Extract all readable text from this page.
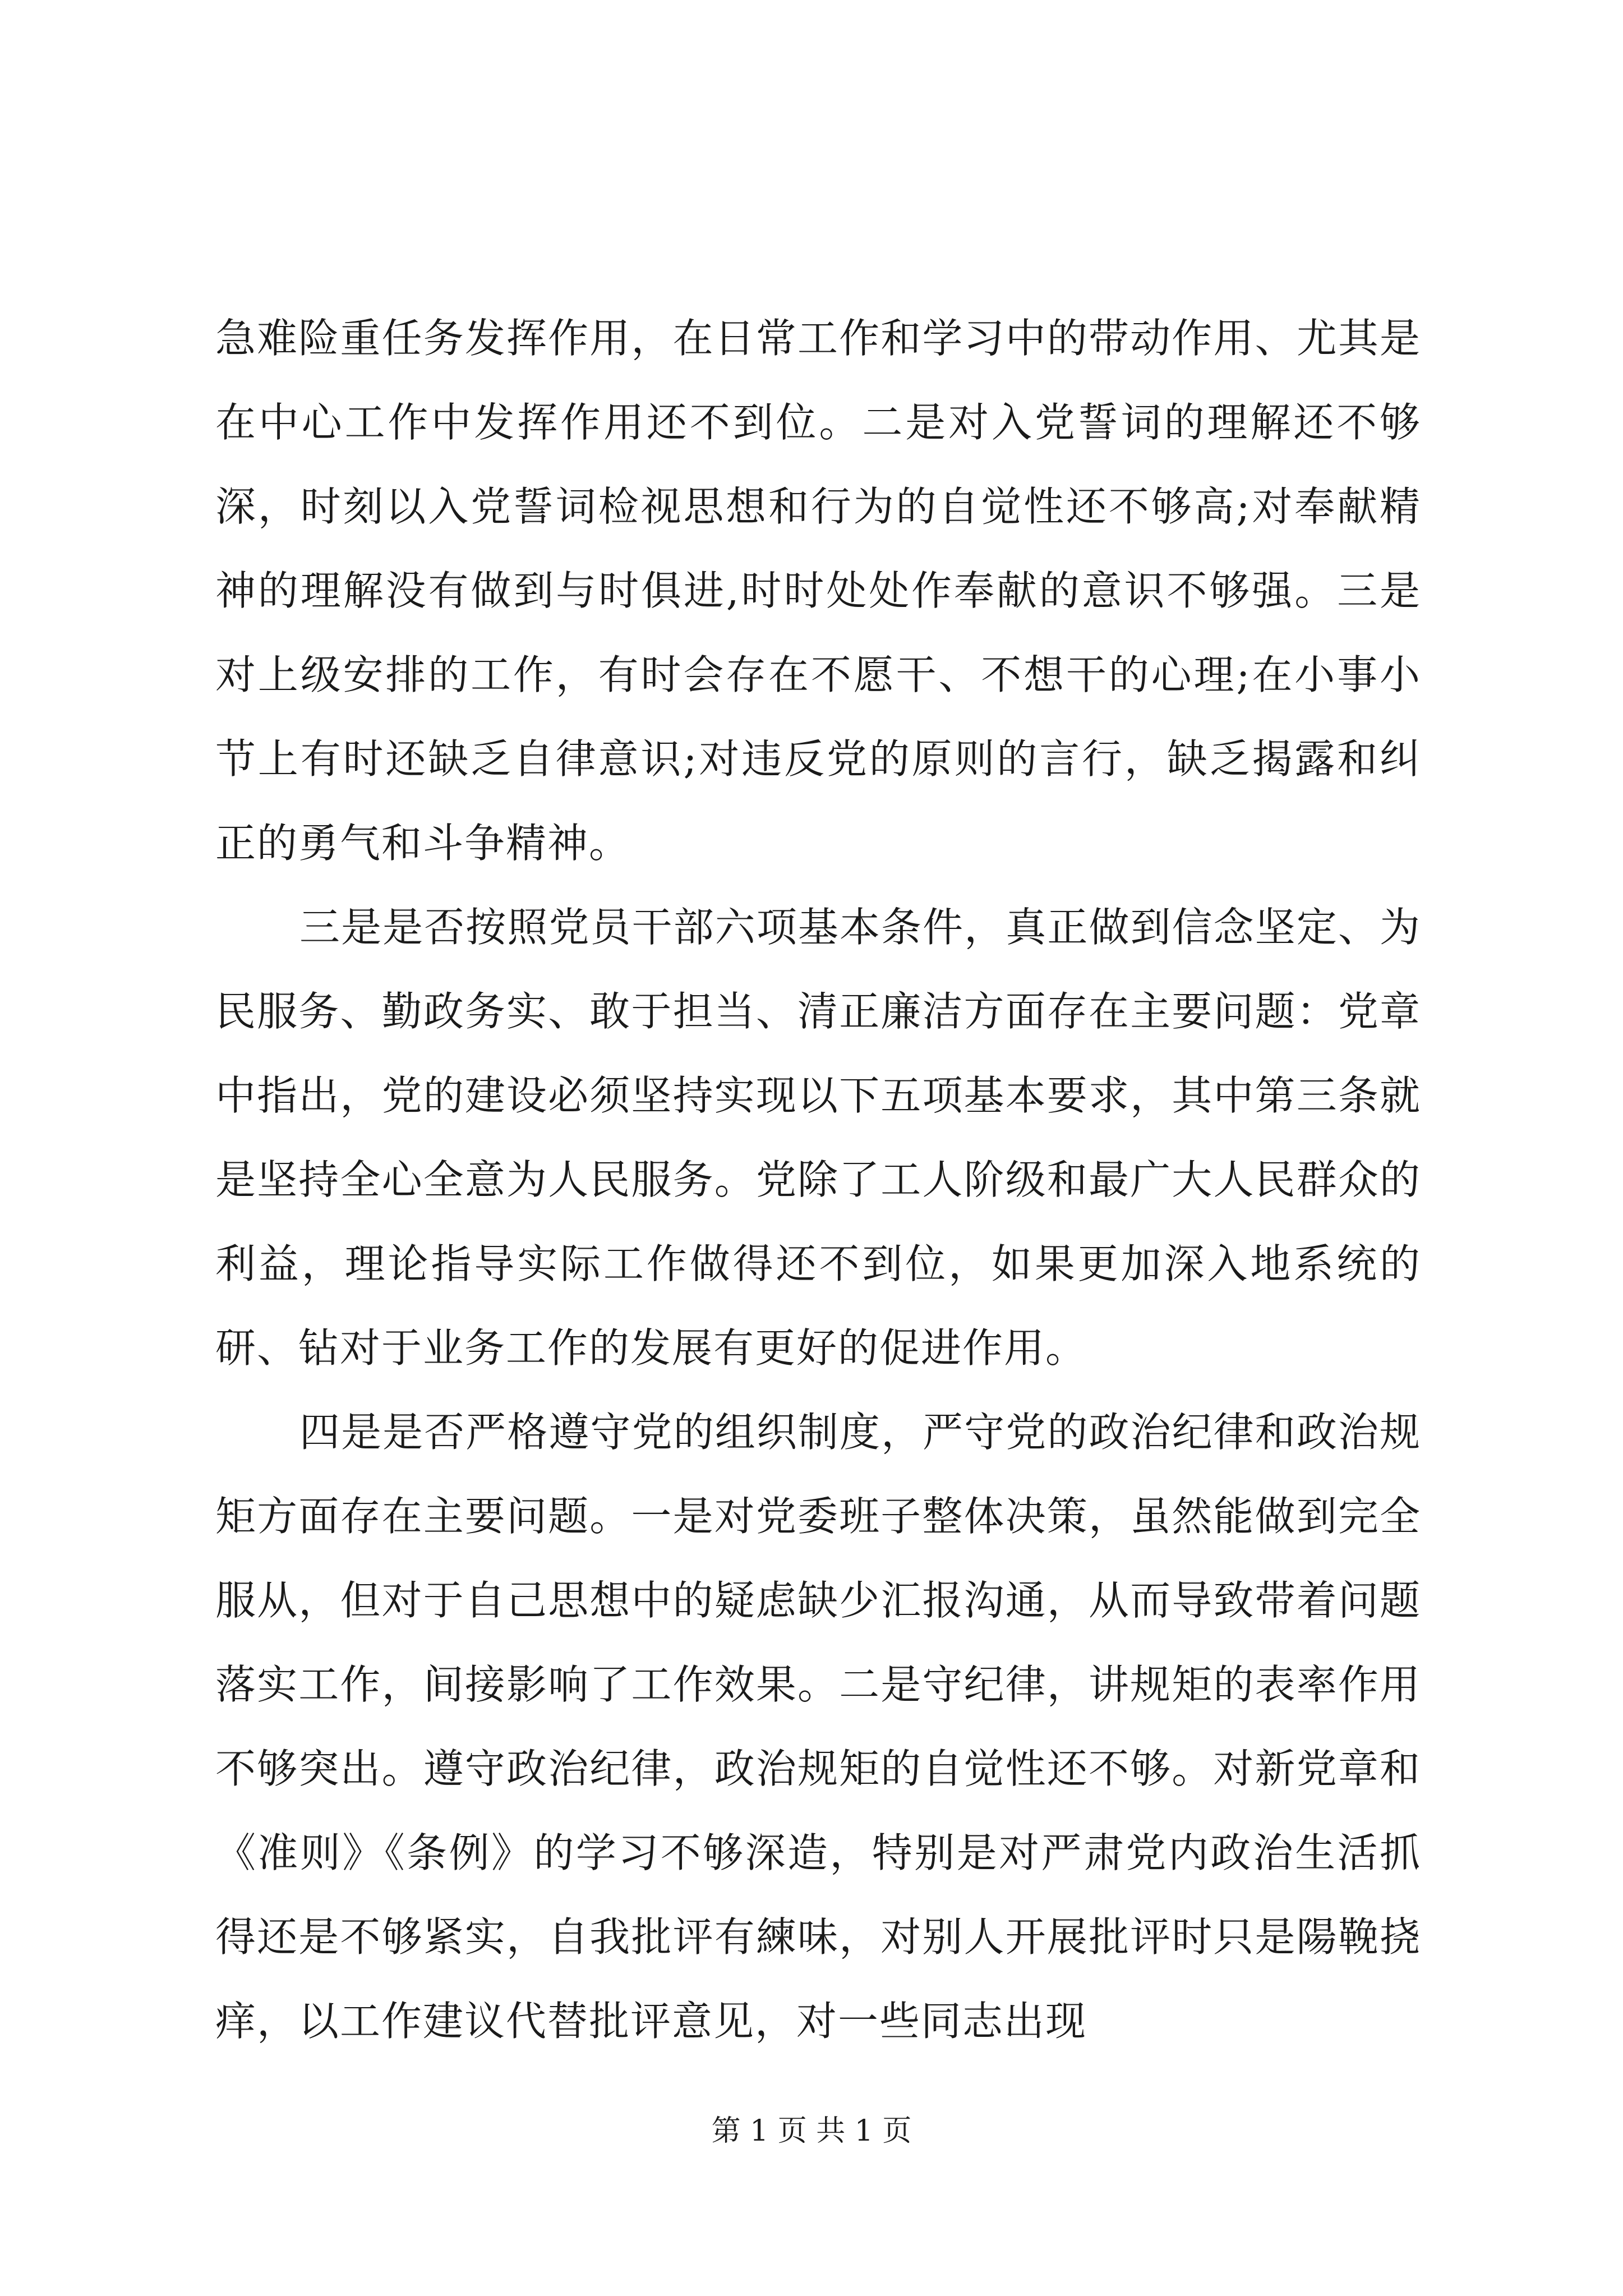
急难险重任务发挥作用，在日常工作和学习中的带动作用、尤其是在中心工作中发挥作用还不到位。二是对入党誓词的理解还不够深，时刻以入党誓词检视思想和行为的自觉性还不够高;对奉献精神的理解没有做到与时俱进,时时处处作奉献的意识不够强。三是对上级安排的工作，有时会存在不愿干、不想干的心理;在小事小节上有时还缺乏自律意识;对违反党的原则的言行，缺乏揭露和纠正的勇气和斗争精神。

三是是否按照党员干部六项基本条件，真正做到信念坚定、为民服务、勤政务实、敢于担当、清正廉洁方面存在主要问题：党章中指出，党的建设必须坚持实现以下五项基本要求，其中第三条就是坚持全心全意为人民服务。党除了工人阶级和最广大人民群众的利益，理论指导实际工作做得还不到位，如果更加深入地系统的研、钻对于业务工作的发展有更好的促进作用。

四是是否严格遵守党的组织制度，严守党的政治纪律和政治规矩方面存在主要问题。一是对党委班子整体决策，虽然能做到完全服从，但对于自己思想中的疑虑缺少汇报沟通，从而导致带着问题落实工作，间接影响了工作效果。二是守纪律，讲规矩的表率作用不够突出。遵守政治纪律，政治规矩的自觉性还不够。对新党章和《准则》《条例》的学习不够深造，特别是对严肃党内政治生活抓得还是不够紧实，自我批评有練味，对别人开展批评时只是陽鞔挠痒，以工作建议代替批评意见，对一些同志出现

第 1 页 共 1 页
